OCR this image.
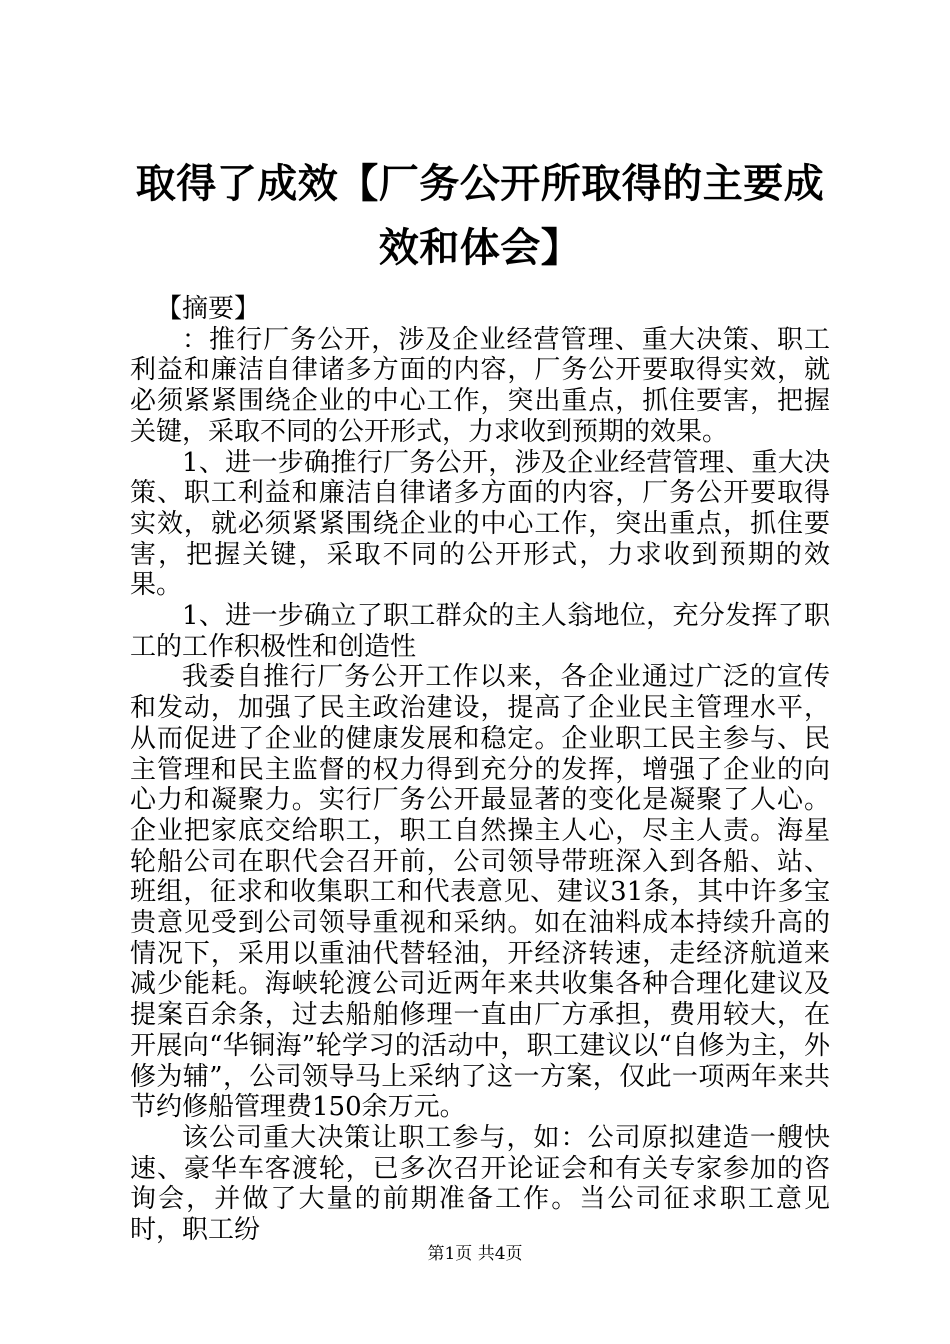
取得了成效【厂务公开所取得的主要成效和体会】

【摘要】

：推行厂务公开，涉及企业经营管理、重大决策、职工利益和廉洁自律诸多方面的内容，厂务公开要取得实效，就必须紧紧围绕企业的中心工作，突出重点，抓住要害，把握关键，采取不同的公开形式，力求收到预期的效果。

1、进一步确推行厂务公开，涉及企业经营管理、重大决策、职工利益和廉洁自律诸多方面的内容，厂务公开要取得实效，就必须紧紧围绕企业的中心工作，突出重点，抓住要害，把握关键，采取不同的公开形式，力求收到预期的效果。

1、进一步确立了职工群众的主人翁地位，充分发挥了职工的工作积极性和创造性

我委自推行厂务公开工作以来，各企业通过广泛的宣传和发动，加强了民主政治建设，提高了企业民主管理水平，从而促进了企业的健康发展和稳定。企业职工民主参与、民主管理和民主监督的权力得到充分的发挥，增强了企业的向心力和凝聚力。实行厂务公开最显著的变化是凝聚了人心。企业把家底交给职工，职工自然操主人心，尽主人责。海星轮船公司在职代会召开前，公司领导带班深入到各船、站、班组，征求和收集职工和代表意见、建议31条，其中许多宝贵意见受到公司领导重视和采纳。如在油料成本持续升高的情况下，采用以重油代替轻油，开经济转速，走经济航道来减少能耗。海峡轮渡公司近两年来共收集各种合理化建议及提案百余条，过去船舶修理一直由厂方承担，费用较大，在开展向“华铜海”轮学习的活动中，职工建议以“自修为主，外修为辅”，公司领导马上采纳了这一方案，仅此一项两年来共节约修船管理费150余万元。

该公司重大决策让职工参与，如：公司原拟建造一艘快速、豪华车客渡轮，已多次召开论证会和有关专家参加的咨询会，并做了大量的前期准备工作。当公司征求职工意见时，职工纷

第1页 共4页
